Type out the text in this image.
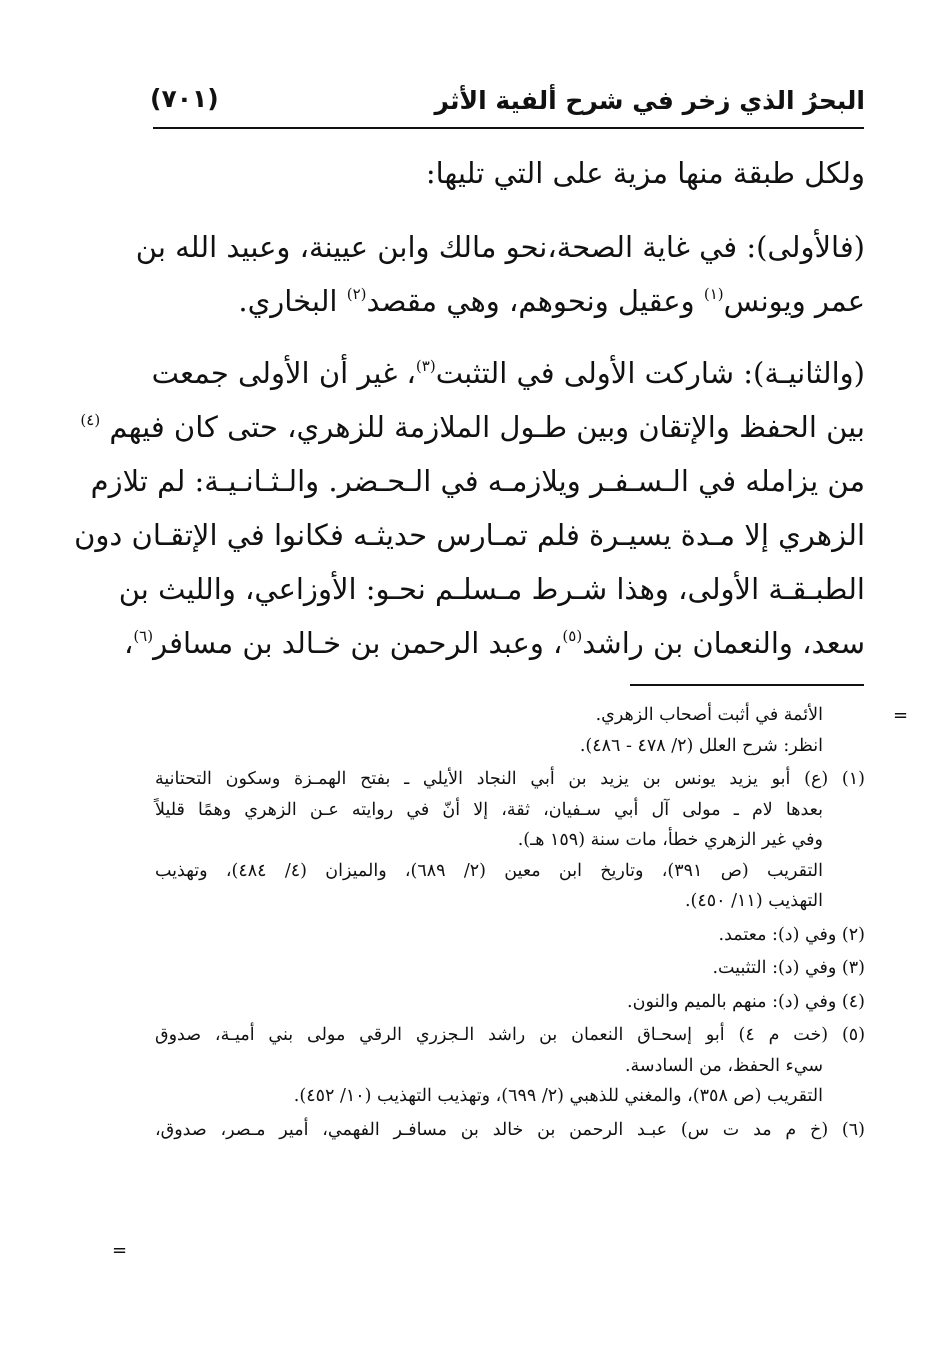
البحرُ الذي زخر في شرح ألفية الأثر
(٧٠١)
ولكل طبقة منها مزية على التي تليها:
(فالأولى): في غاية الصحة،نحو مالك وابن عيينة، وعبيد الله بن
عمر ويونس$^{(١)}$ وعقيل ونحوهم، وهي مقصد$^{(٢)}$ البخاري.
(والثانيـة): شاركت الأولى في التثبت$^{(٣)}$، غير أن الأولى جمعت
بين الحفظ والإتقان وبين طـول الملازمة للزهري، حتى كان فيهم $^{(٤)}$
من يزامله في الـسـفـر ويلازمـه في الـحـضر. والـثـانـيـة: لم تلازم
الزهري إلا مـدة يسيـرة فلم تمـارس حديثـه فكانوا في الإتقـان دون
الطبـقـة الأولى، وهذا شـرط مـسلـم نحـو: الأوزاعي، والليث بن
سعد، والنعمان بن راشد$^{(٥)}$، وعبد الرحمن بن خـالد بن مسافر$^{(٦)}$،
=
الأئمة في أثبت أصحاب الزهري.
انظر: شرح العلل (٢/ ٤٧٨ - ٤٨٦).
(١) (ع) أبو يزيد يونس بن يزيد بن أبي النجاد الأيلي ـ بفتح الهمـزة وسكون التحتانية
بعدها لام ـ مولى آل أبي سـفيان، ثقة، إلا أنّ في روايته عـن الزهري وهمًا قليلاً
وفي غير الزهري خطأ، مات سنة (١٥٩ هـ).
التقريب (ص ٣٩١)، وتاريخ ابن معين (٢/ ٦٨٩)، والميزان (٤/ ٤٨٤)، وتهذيب
التهذيب (١١/ ٤٥٠).
(٢) وفي (د): معتمد.
(٣) وفي (د): التثبيت.
(٤) وفي (د): منهم بالميم والنون.
(٥) (خت م ٤) أبو إسحـاق النعمان بن راشد الـجزري الرقي مولى بني أميـة، صدوق
سيء الحفظ، من السادسة.
التقريب (ص ٣٥٨)، والمغني للذهبي (٢/ ٦٩٩)، وتهذيب التهذيب (١٠/ ٤٥٢).
(٦) (خ م مد ت س) عبـد الرحمن بن خالد بن مسافـر الفهمي، أمير مـصر، صدوق،
=
